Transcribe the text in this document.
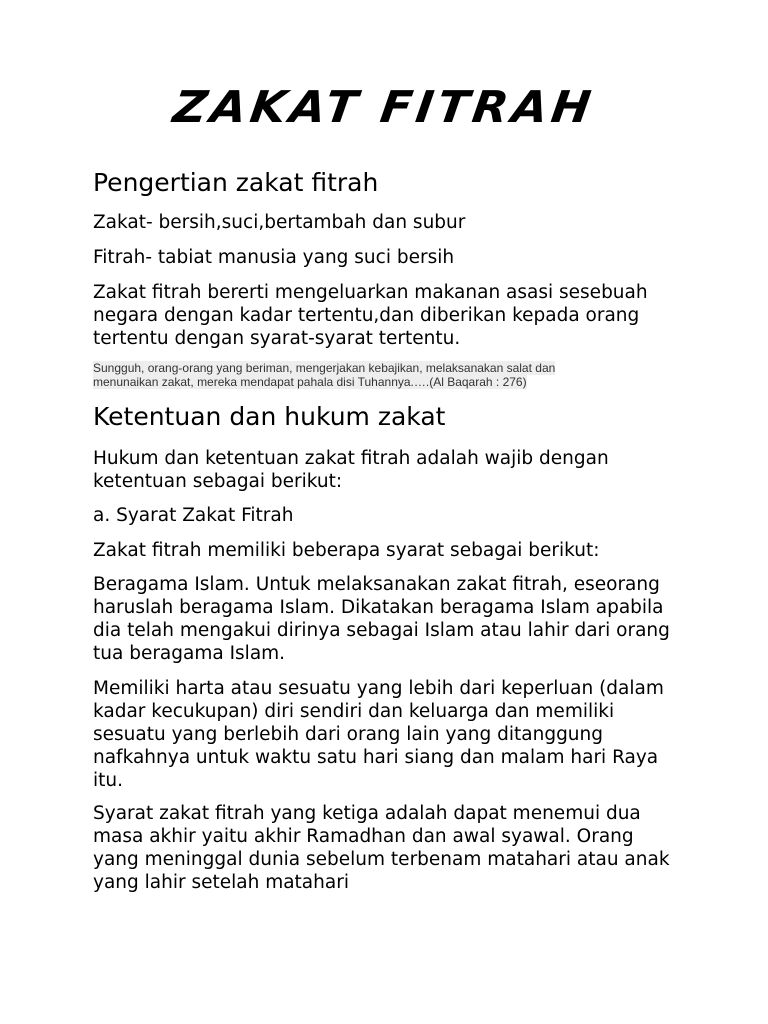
ZAKAT FITRAH
Pengertian zakat fitrah

Zakat- bersih,suci,bertambah dan subur

Fitrah- tabiat manusia yang suci bersih

Zakat fitrah bererti mengeluarkan makanan asasi sesebuah negara dengan kadar tertentu,dan diberikan kepada orang tertentu dengan syarat-syarat tertentu.

Sungguh, orang-orang yang beriman, mengerjakan kebajikan, melaksanakan salat dan
menunaikan zakat, mereka mendapat pahala disi Tuhannya.….(Al Baqarah : 276)
Ketentuan dan hukum zakat

Hukum dan ketentuan zakat fitrah adalah wajib dengan ketentuan sebagai berikut:

a. Syarat Zakat Fitrah

Zakat fitrah memiliki beberapa syarat sebagai berikut:

Beragama Islam. Untuk melaksanakan zakat fitrah, eseorang haruslah beragama Islam. Dikatakan beragama Islam apabila dia telah mengakui dirinya sebagai Islam atau lahir dari orang tua beragama Islam.

Memiliki harta atau sesuatu yang lebih dari keperluan (dalam kadar kecukupan) diri sendiri dan keluarga dan memiliki sesuatu yang berlebih dari orang lain yang ditanggung nafkahnya untuk waktu satu hari siang dan malam hari Raya itu.

Syarat zakat fitrah yang ketiga adalah dapat menemui dua masa akhir yaitu akhir Ramadhan dan awal syawal. Orang yang meninggal dunia sebelum terbenam matahari atau anak yang lahir setelah matahari
